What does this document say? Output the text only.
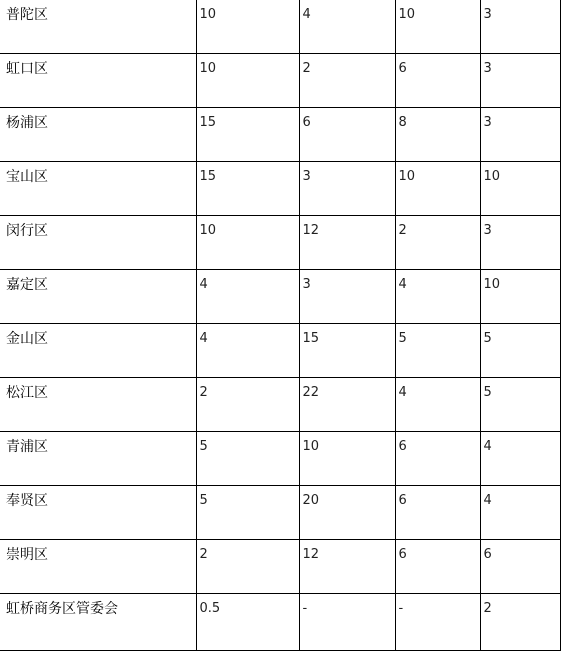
普陀区	10	4	10	3

虹口区	10	2	6	3

杨浦区	15	6	8	3

宝山区	15	3	10	10

闵行区	10	12	2	3

嘉定区	4	3	4	10

金山区	4	15	5	5

松江区	2	22	4	5

青浦区	5	10	6	4

奉贤区	5	20	6	4

崇明区	2	12	6	6

虹桥商务区管委会	0.5	-	-	2
